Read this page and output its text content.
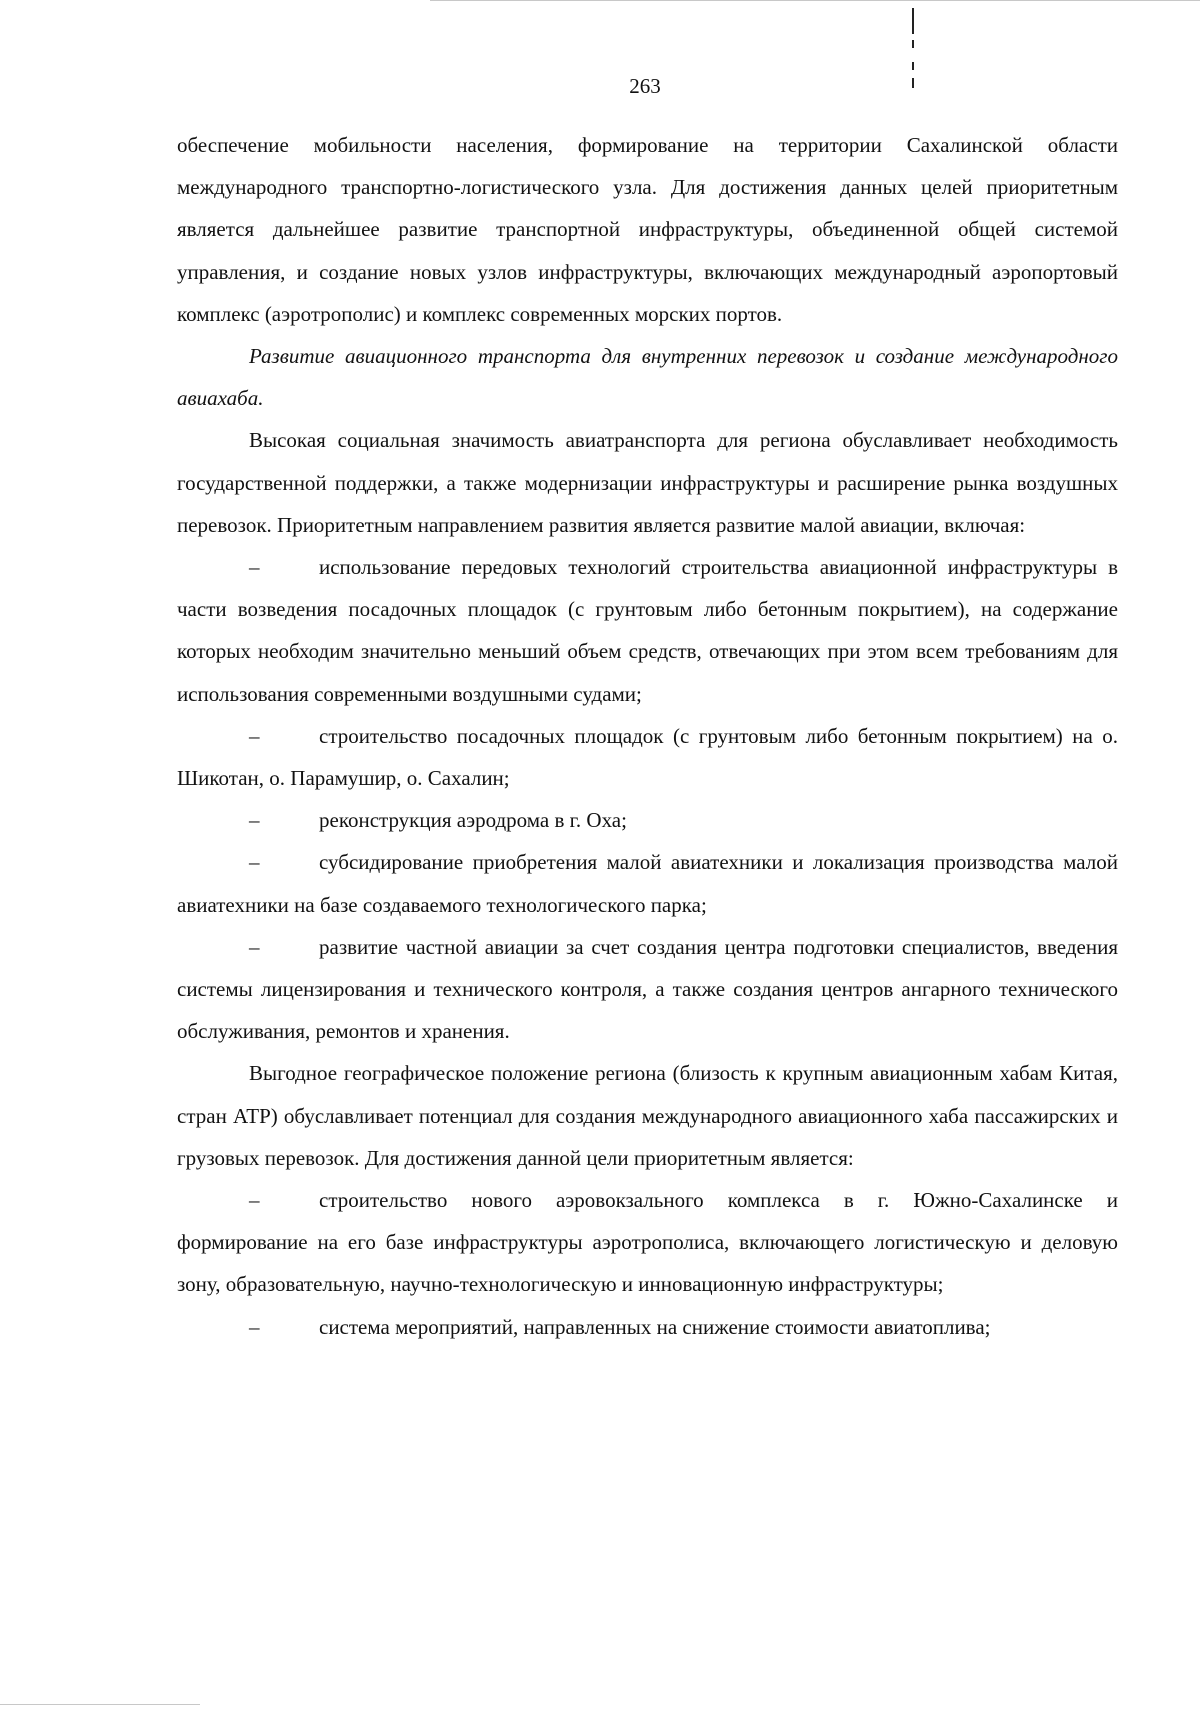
263

обеспечение мобильности населения, формирование на территории Сахалинской области международного транспортно-логистического узла. Для достижения данных целей приоритетным является дальнейшее развитие транспортной инфраструктуры, объединенной общей системой управления, и создание новых узлов инфраструктуры, включающих международный аэропортовый комплекс (аэротрополис) и комплекс современных морских портов.

Развитие авиационного транспорта для внутренних перевозок и создание международного авиахаба.

Высокая социальная значимость авиатранспорта для региона обуславливает необходимость государственной поддержки, а также модернизации инфраструктуры и расширение рынка воздушных перевозок. Приоритетным направлением развития является развитие малой авиации, включая:

–	использование передовых технологий строительства авиационной инфраструктуры в части возведения посадочных площадок (с грунтовым либо бетонным покрытием), на содержание которых необходим значительно меньший объем средств, отвечающих при этом всем требованиям для использования современными воздушными судами;

–	строительство посадочных площадок (с грунтовым либо бетонным покрытием) на о. Шикотан, о. Парамушир, о. Сахалин;

–	реконструкция аэродрома в г. Оха;

–	субсидирование приобретения малой авиатехники и локализация производства малой авиатехники на базе создаваемого технологического парка;

–	развитие частной авиации за счет создания центра подготовки специалистов, введения системы лицензирования и технического контроля, а также создания центров ангарного технического обслуживания, ремонтов и хранения.

Выгодное географическое положение региона (близость к крупным авиационным хабам Китая, стран АТР) обуславливает потенциал для создания международного авиационного хаба пассажирских и грузовых перевозок. Для достижения данной цели приоритетным является:

–	строительство нового аэровокзального комплекса в г. Южно-Сахалинске и формирование на его базе инфраструктуры аэротрополиса, включающего логистическую и деловую зону, образовательную, научно-технологическую и инновационную инфраструктуры;

–	система мероприятий, направленных на снижение стоимости авиатоплива;
